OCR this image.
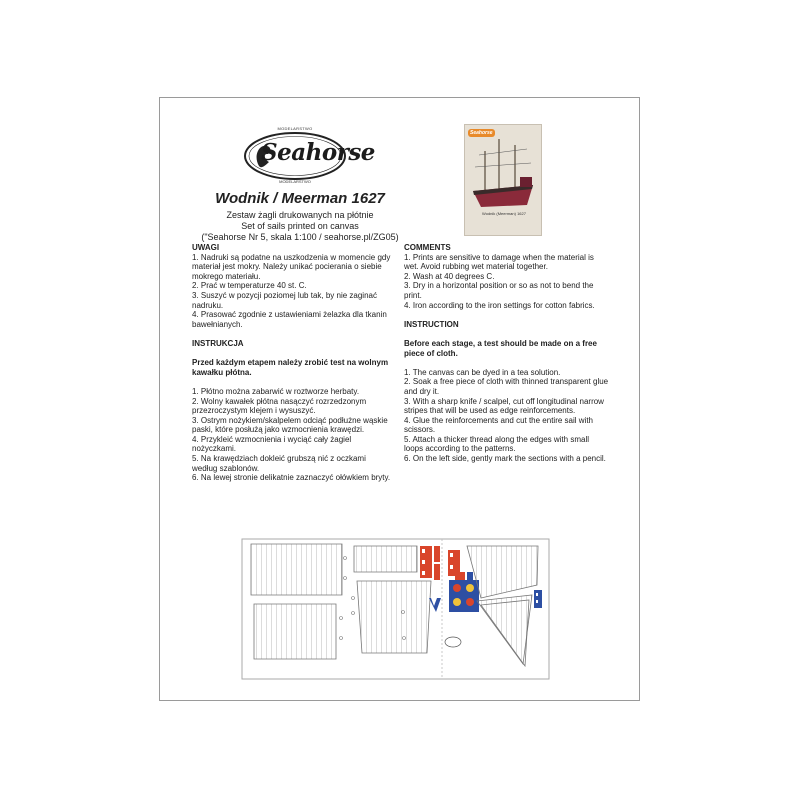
MODELARSTWO
Seahorse
MODELARSTWO
Wodnik / Meerman 1627
Zestaw żagli drukowanych na płótnie
Set of sails printed on canvas
("Seahorse Nr 5, skala 1:100 / seahorse.pl/ZG05)
Seahorse
Wodnik (Meerman) 1627

UWAGI

1. Nadruki są podatne na uszkodzenia w momencie gdy materiał jest mokry. Należy unikać pocierania o siebie mokrego materiału.

2. Prać w temperaturze 40 st. C.

3. Suszyć w pozycji poziomej lub tak, by nie zaginać nadruku.

4. Prasować zgodnie z ustawieniami żelazka dla tkanin bawełnianych.

INSTRUKCJA

Przed każdym etapem należy zrobić test na wolnym kawałku płótna.

1. Płótno można zabarwić w roztworze herbaty.

2. Wolny kawałek płótna nasączyć rozrzedzonym przezroczystym klejem i wysuszyć.

3. Ostrym nożykiem/skalpelem odciąć podłużne wąskie paski, które posłużą jako wzmocnienia krawędzi.

4. Przykleić wzmocnienia i wyciąć cały żagiel nożyczkami.

5. Na krawędziach dokleić grubszą nić z oczkami według szablonów.

6. Na lewej stronie delikatnie zaznaczyć ołówkiem bryty.

COMMENTS

1. Prints are sensitive to damage when the material is wet. Avoid rubbing wet material together.

2. Wash at 40 degrees C.

3. Dry in a horizontal position or so as not to bend the print.

4. Iron according to the iron settings for cotton fabrics.

INSTRUCTION

Before each stage, a test should be made on a free piece of cloth.

1. The canvas can be dyed in a tea solution.

2. Soak a free piece of cloth with thinned transparent glue and dry it.

3. With a sharp knife / scalpel, cut off longitudinal narrow stripes that will be used as edge reinforcements.

4. Glue the reinforcements and cut the entire sail with scissors.

5. Attach a thicker thread along the edges with small loops according to the patterns.

6. On the left side, gently mark the sections with a pencil.
